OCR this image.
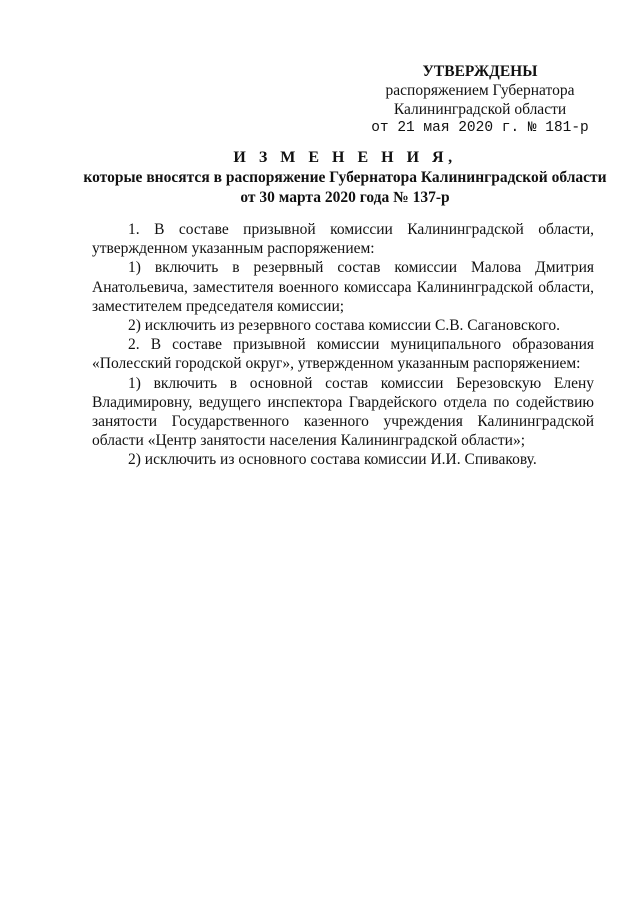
УТВЕРЖДЕНЫ
распоряжением Губернатора
Калининградской области
от 21 мая 2020 г. № 181-р
И З М Е Н Е Н И Я,
которые вносятся в распоряжение Губернатора Калининградской области
от 30 марта 2020 года № 137-р

1. В составе призывной комиссии Калининградской области, утвержденном указанным распоряжением:

1) включить в резервный состав комиссии Малова Дмитрия Анатольевича, заместителя военного комиссара Калининградской области, заместителем председателя комиссии;

2) исключить из резервного состава комиссии С.В. Сагановского.

2. В составе призывной комиссии муниципального образования «Полесский городской округ», утвержденном указанным распоряжением:

1) включить в основной состав комиссии Березовскую Елену Владимировну, ведущего инспектора Гвардейского отдела по содействию занятости Государственного казенного учреждения Калининградской области «Центр занятости населения Калининградской области»;

2) исключить из основного состава комиссии И.И. Спивакову.
